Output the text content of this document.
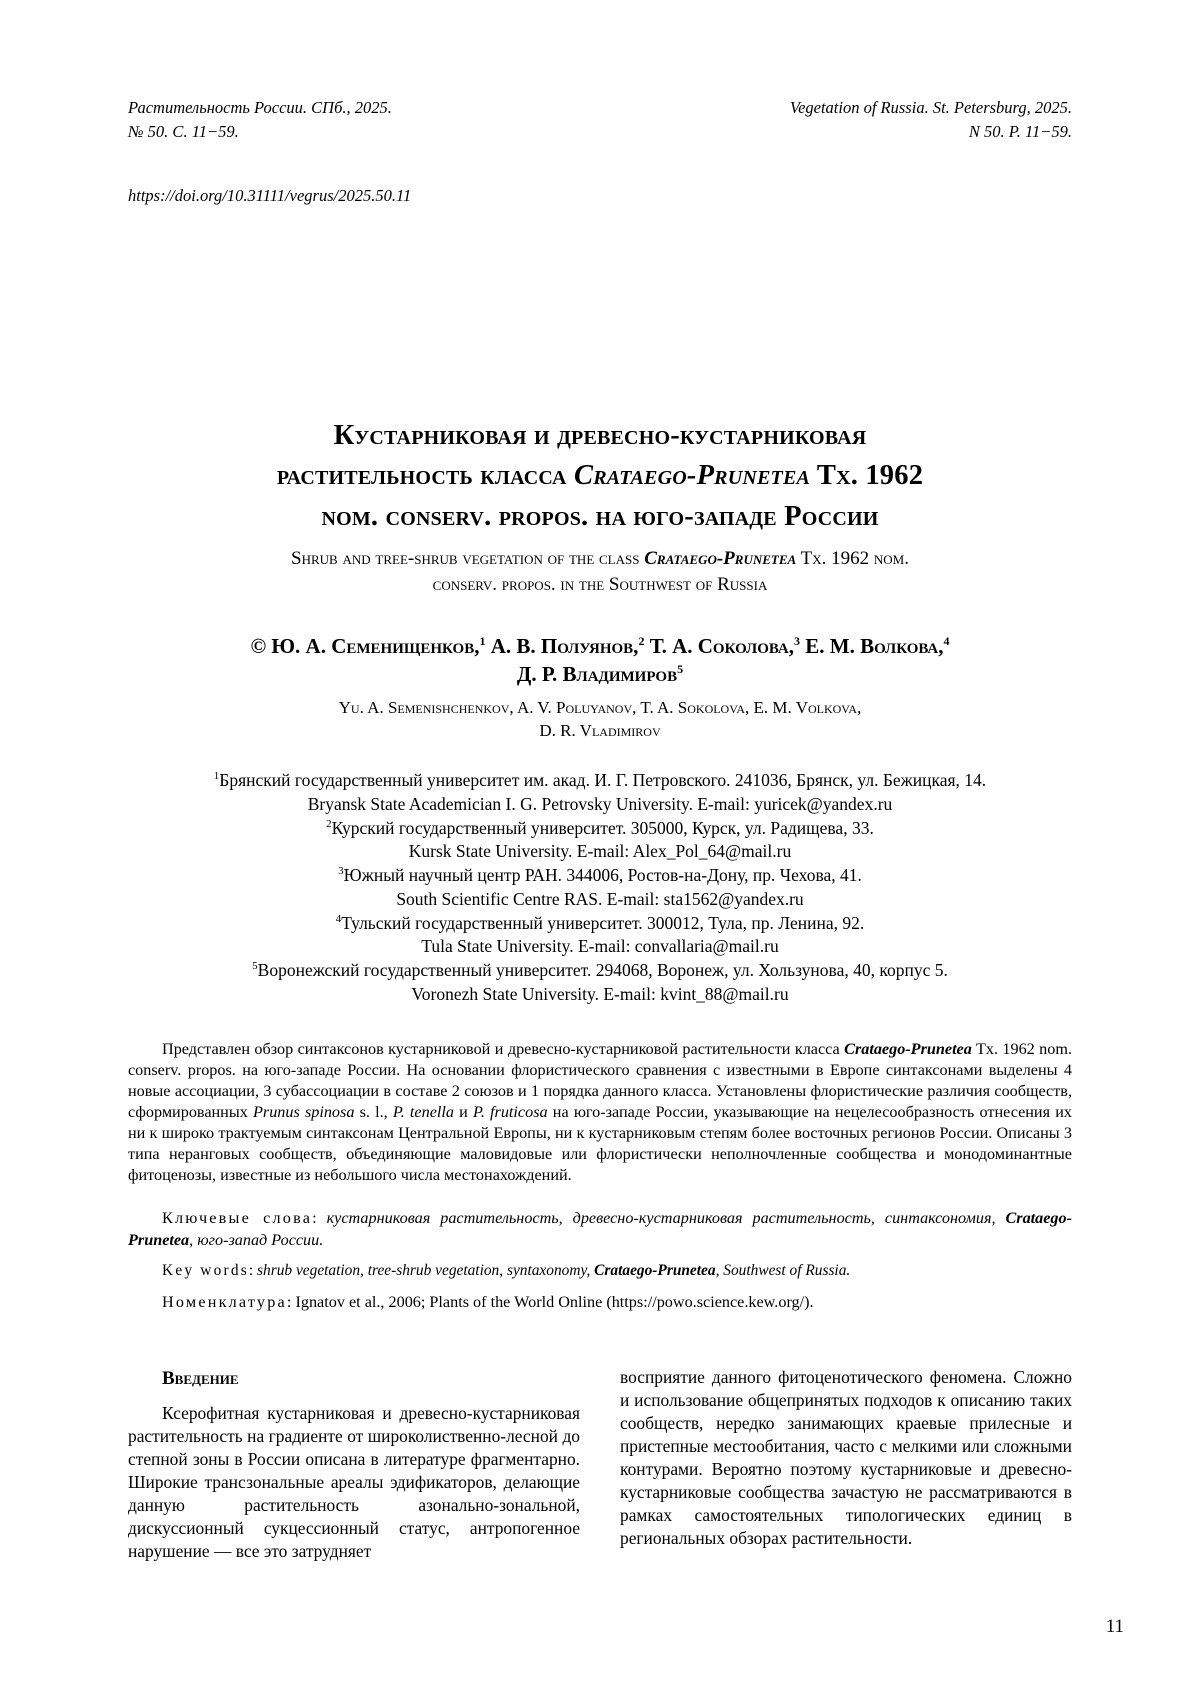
Растительность России. СПб., 2025.
№ 50. С. 11−59.
Vegetation of Russia. St. Petersburg, 2025.
N 50. P. 11−59.
https://doi.org/10.31111/vegrus/2025.50.11
Кустарниковая и древесно-кустарниковая
растительность класса Crataego-Prunetea Tx. 1962
nom. conserv. propos. на юго-западе России
Shrub and tree-shrub vegetation of the class Crataego-Prunetea Tx. 1962 nom.
conserv. propos. in the Southwest of Russia
© Ю. А. Семенищенков,$^1$ А. В. Полуянов,$^2$ Т. А. Соколова,$^3$ Е. М. Волкова,$^4$
Д. Р. Владимиров$^5$
Yu. A. Semenishchenkov, A. V. Poluyanov, T. A. Sokolova, E. M. Volkova,
D. R. Vladimirov
$^1$Брянский государственный университет им. акад. И. Г. Петровского. 241036, Брянск, ул. Бежицкая, 14.
Bryansk State Academician I. G. Petrovsky University. E-mail: yuricek@yandex.ru
$^2$Курский государственный университет. 305000, Курск, ул. Радищева, 33.
Kursk State University. E-mail: Alex_Pol_64@mail.ru
$^3$Южный научный центр РАН. 344006, Ростов-на-Дону, пр. Чехова, 41.
South Scientific Centre RAS. E-mail: sta1562@yandex.ru
$^4$Тульский государственный университет. 300012, Тула, пр. Ленина, 92.
Tula State University. E-mail: convallaria@mail.ru
$^5$Воронежский государственный университет. 294068, Воронеж, ул. Хользунова, 40, корпус 5.
Voronezh State University. E-mail: kvint_88@mail.ru
Представлен обзор синтаксонов кустарниковой и древесно-кустарниковой растительности класса Crataego-Prunetea Tx. 1962 nom. conserv. propos. на юго-западе России. На основании флористического сравнения с известными в Европе синтаксонами выделены 4 новые ассоциации, 3 субассоциации в составе 2 союзов и 1 порядка данного класса. Установлены флористические различия сообществ, сформированных Prunus spinosa s. l., P. tenella и P. fruticosa на юго-западе России, указывающие на нецелесообразность отнесения их ни к широко трактуемым синтаксонам Центральной Европы, ни к кустарниковым степям более восточных регионов России. Описаны 3 типа неранговых сообществ, объединяющие маловидовые или флористически неполночленные сообщества и монодоминантные фитоценозы, известные из небольшого числа местонахождений.
Ключевые слова: кустарниковая растительность, древесно-кустарниковая растительность, синтаксономия, Crataego-Prunetea, юго-запад России.
Key words: shrub vegetation, tree-shrub vegetation, syntaxonomy, Crataego-Prunetea, Southwest of Russia.
Номенклатура: Ignatov et al., 2006; Plants of the World Online (https://powo.science.kew.org/).
Введение

Ксерофитная кустарниковая и древесно-кустарниковая растительность на градиенте от широколиственно-лесной до степной зоны в России описана в литературе фрагментарно. Широкие трансзональные ареалы эдификаторов, делающие данную растительность азонально-зональной, дискуссионный сукцессионный статус, антропогенное нарушение — все это затрудняет

восприятие данного фитоценотического феномена. Сложно и использование общепринятых подходов к описанию таких сообществ, нередко занимающих краевые прилесные и пристепные местообитания, часто с мелкими или сложными контурами. Вероятно поэтому кустарниковые и древесно-кустарниковые сообщества зачастую не рассматриваются в рамках самостоятельных типологических единиц в региональных обзорах растительности.

11
